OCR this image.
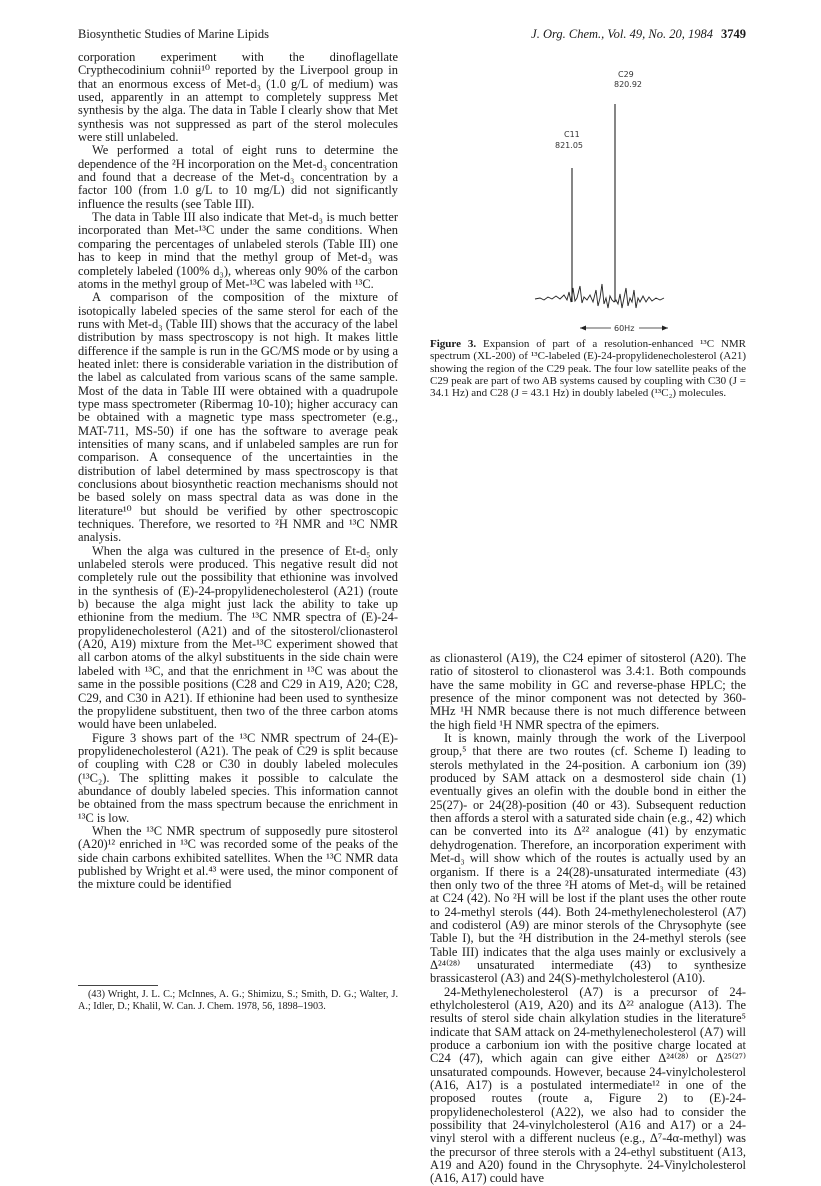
Biosynthetic Studies of Marine Lipids	J. Org. Chem., Vol. 49, No. 20, 1984 3749

corporation experiment with the dinoflagellate Crypthecodinium cohnii¹⁰ reported by the Liverpool group in that an enormous excess of Met-d₃ (1.0 g/L of medium) was used, apparently in an attempt to completely suppress Met synthesis by the alga. The data in Table I clearly show that Met synthesis was not suppressed as part of the sterol molecules were still unlabeled.

We performed a total of eight runs to determine the dependence of the ²H incorporation on the Met-d₃ concentration and found that a decrease of the Met-d₃ concentration by a factor 100 (from 1.0 g/L to 10 mg/L) did not significantly influence the results (see Table III).

The data in Table III also indicate that Met-d₃ is much better incorporated than Met-¹³C under the same conditions. When comparing the percentages of unlabeled sterols (Table III) one has to keep in mind that the methyl group of Met-d₃ was completely labeled (100% d₃), whereas only 90% of the carbon atoms in the methyl group of Met-¹³C was labeled with ¹³C.

A comparison of the composition of the mixture of isotopically labeled species of the same sterol for each of the runs with Met-d₃ (Table III) shows that the accuracy of the label distribution by mass spectroscopy is not high. It makes little difference if the sample is run in the GC/MS mode or by using a heated inlet: there is considerable variation in the distribution of the label as calculated from various scans of the same sample. Most of the data in Table III were obtained with a quadrupole type mass spectrometer (Ribermag 10-10); higher accuracy can be obtained with a magnetic type mass spectrometer (e.g., MAT-711, MS-50) if one has the software to average peak intensities of many scans, and if unlabeled samples are run for comparison. A consequence of the uncertainties in the distribution of label determined by mass spectroscopy is that conclusions about biosynthetic reaction mechanisms should not be based solely on mass spectral data as was done in the literature¹⁰ but should be verified by other spectroscopic techniques. Therefore, we resorted to ²H NMR and ¹³C NMR analysis.

When the alga was cultured in the presence of Et-d₅ only unlabeled sterols were produced. This negative result did not completely rule out the possibility that ethionine was involved in the synthesis of (E)-24-propylidenecholesterol (A21) (route b) because the alga might just lack the ability to take up ethionine from the medium. The ¹³C NMR spectra of (E)-24-propylidenecholesterol (A21) and of the sitosterol/clionasterol (A20, A19) mixture from the Met-¹³C experiment showed that all carbon atoms of the alkyl substituents in the side chain were labeled with ¹³C, and that the enrichment in ¹³C was about the same in the possible positions (C28 and C29 in A19, A20; C28, C29, and C30 in A21). If ethionine had been used to synthesize the propylidene substituent, then two of the three carbon atoms would have been unlabeled.

Figure 3 shows part of the ¹³C NMR spectrum of 24-(E)-propylidenecholesterol (A21). The peak of C29 is split because of coupling with C28 or C30 in doubly labeled molecules (¹³C₂). The splitting makes it possible to calculate the abundance of doubly labeled species. This information cannot be obtained from the mass spectrum because the enrichment in ¹³C is low.

When the ¹³C NMR spectrum of supposedly pure sitosterol (A20)¹² enriched in ¹³C was recorded some of the peaks of the side chain carbons exhibited satellites. When the ¹³C NMR data published by Wright et al.⁴³ were used, the minor component of the mixture could be identified

(43) Wright, J. L. C.; McInnes, A. G.; Shimizu, S.; Smith, D. G.; Walter, J. A.; Idler, D.; Khalil, W. Can. J. Chem. 1978, 56, 1898–1903.
C29
820.92
C11
821.05
60Hz
Figure 3. Expansion of part of a resolution-enhanced ¹³C NMR spectrum (XL-200) of ¹³C-labeled (E)-24-propylidenecholesterol (A21) showing the region of the C29 peak. The four low satellite peaks of the C29 peak are part of two AB systems caused by coupling with C30 (J = 34.1 Hz) and C28 (J = 43.1 Hz) in doubly labeled (¹³C₂) molecules.

as clionasterol (A19), the C24 epimer of sitosterol (A20). The ratio of sitosterol to clionasterol was 3.4:1. Both compounds have the same mobility in GC and reverse-phase HPLC; the presence of the minor component was not detected by 360-MHz ¹H NMR because there is not much difference between the high field ¹H NMR spectra of the epimers.

It is known, mainly through the work of the Liverpool group,⁵ that there are two routes (cf. Scheme I) leading to sterols methylated in the 24-position. A carbonium ion (39) produced by SAM attack on a desmosterol side chain (1) eventually gives an olefin with the double bond in either the 25(27)- or 24(28)-position (40 or 43). Subsequent reduction then affords a sterol with a saturated side chain (e.g., 42) which can be converted into its Δ²² analogue (41) by enzymatic dehydrogenation. Therefore, an incorporation experiment with Met-d₃ will show which of the routes is actually used by an organism. If there is a 24(28)-unsaturated intermediate (43) then only two of the three ²H atoms of Met-d₃ will be retained at C24 (42). No ²H will be lost if the plant uses the other route to 24-methyl sterols (44). Both 24-methylenecholesterol (A7) and codisterol (A9) are minor sterols of the Chrysophyte (see Table I), but the ²H distribution in the 24-methyl sterols (see Table III) indicates that the alga uses mainly or exclusively a Δ²⁴⁽²⁸⁾ unsaturated intermediate (43) to synthesize brassicasterol (A3) and 24(S)-methylcholesterol (A10).

24-Methylenecholesterol (A7) is a precursor of 24-ethylcholesterol (A19, A20) and its Δ²² analogue (A13). The results of sterol side chain alkylation studies in the literature⁵ indicate that SAM attack on 24-methylenecholesterol (A7) will produce a carbonium ion with the positive charge located at C24 (47), which again can give either Δ²⁴⁽²⁸⁾ or Δ²⁵⁽²⁷⁾ unsaturated compounds. However, because 24-vinylcholesterol (A16, A17) is a postulated intermediate¹² in one of the proposed routes (route a, Figure 2) to (E)-24-propylidenecholesterol (A22), we also had to consider the possibility that 24-vinylcholesterol (A16 and A17) or a 24-vinyl sterol with a different nucleus (e.g., Δ⁷-4α-methyl) was the precursor of three sterols with a 24-ethyl substituent (A13, A19 and A20) found in the Chrysophyte. 24-Vinylcholesterol (A16, A17) could have
